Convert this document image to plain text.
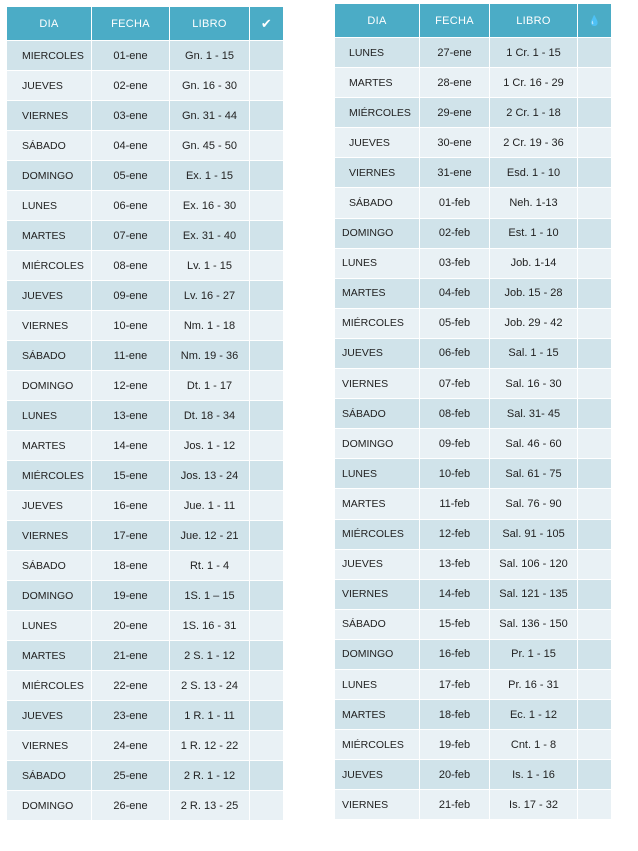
DIA	FECHA	LIBRO	✔
MIERCOLES	01-ene	Gn. 1 - 15	
JUEVES	02-ene	Gn. 16 - 30	
VIERNES	03-ene	Gn. 31 - 44	
SÁBADO	04-ene	Gn. 45 - 50	
DOMINGO	05-ene	Ex. 1 - 15	
LUNES	06-ene	Ex. 16 - 30	
MARTES	07-ene	Ex. 31 - 40	
MIÉRCOLES	08-ene	Lv. 1 - 15	
JUEVES	09-ene	Lv. 16 - 27	
VIERNES	10-ene	Nm. 1 - 18	
SÁBADO	11-ene	Nm. 19 - 36	
DOMINGO	12-ene	Dt. 1 - 17	
LUNES	13-ene	Dt. 18 - 34	
MARTES	14-ene	Jos. 1 - 12	
MIÉRCOLES	15-ene	Jos. 13 - 24	
JUEVES	16-ene	Jue. 1 - 11	
VIERNES	17-ene	Jue. 12 - 21	
SÁBADO	18-ene	Rt. 1 - 4	
DOMINGO	19-ene	1S. 1 – 15	
LUNES	20-ene	1S. 16 - 31	
MARTES	21-ene	2 S. 1 - 12	
MIÉRCOLES	22-ene	2 S. 13 - 24	
JUEVES	23-ene	1 R. 1 - 11	
VIERNES	24-ene	1 R. 12 - 22	
SÁBADO	25-ene	2 R. 1 - 12	
DOMINGO	26-ene	2 R. 13 - 25	
DIA	FECHA	LIBRO	💧
LUNES	27-ene	1 Cr. 1 - 15	
MARTES	28-ene	1 Cr. 16 - 29	
MIÉRCOLES	29-ene	2 Cr. 1 - 18	
JUEVES	30-ene	2 Cr. 19 - 36	
VIERNES	31-ene	Esd. 1 - 10	
SÁBADO	01-feb	Neh. 1-13	
DOMINGO	02-feb	Est. 1 - 10	
LUNES	03-feb	Job. 1-14	
MARTES	04-feb	Job. 15 - 28	
MIÉRCOLES	05-feb	Job. 29 - 42	
JUEVES	06-feb	Sal. 1 - 15	
VIERNES	07-feb	Sal. 16 - 30	
SÁBADO	08-feb	Sal. 31- 45	
DOMINGO	09-feb	Sal. 46 - 60	
LUNES	10-feb	Sal. 61 - 75	
MARTES	11-feb	Sal. 76 - 90	
MIÉRCOLES	12-feb	Sal. 91 - 105	
JUEVES	13-feb	Sal. 106 - 120	
VIERNES	14-feb	Sal. 121 - 135	
SÁBADO	15-feb	Sal. 136 - 150	
DOMINGO	16-feb	Pr. 1 - 15	
LUNES	17-feb	Pr. 16 - 31	
MARTES	18-feb	Ec. 1 - 12	
MIÉRCOLES	19-feb	Cnt. 1 - 8	
JUEVES	20-feb	Is. 1 - 16	
VIERNES	21-feb	Is. 17 - 32	
